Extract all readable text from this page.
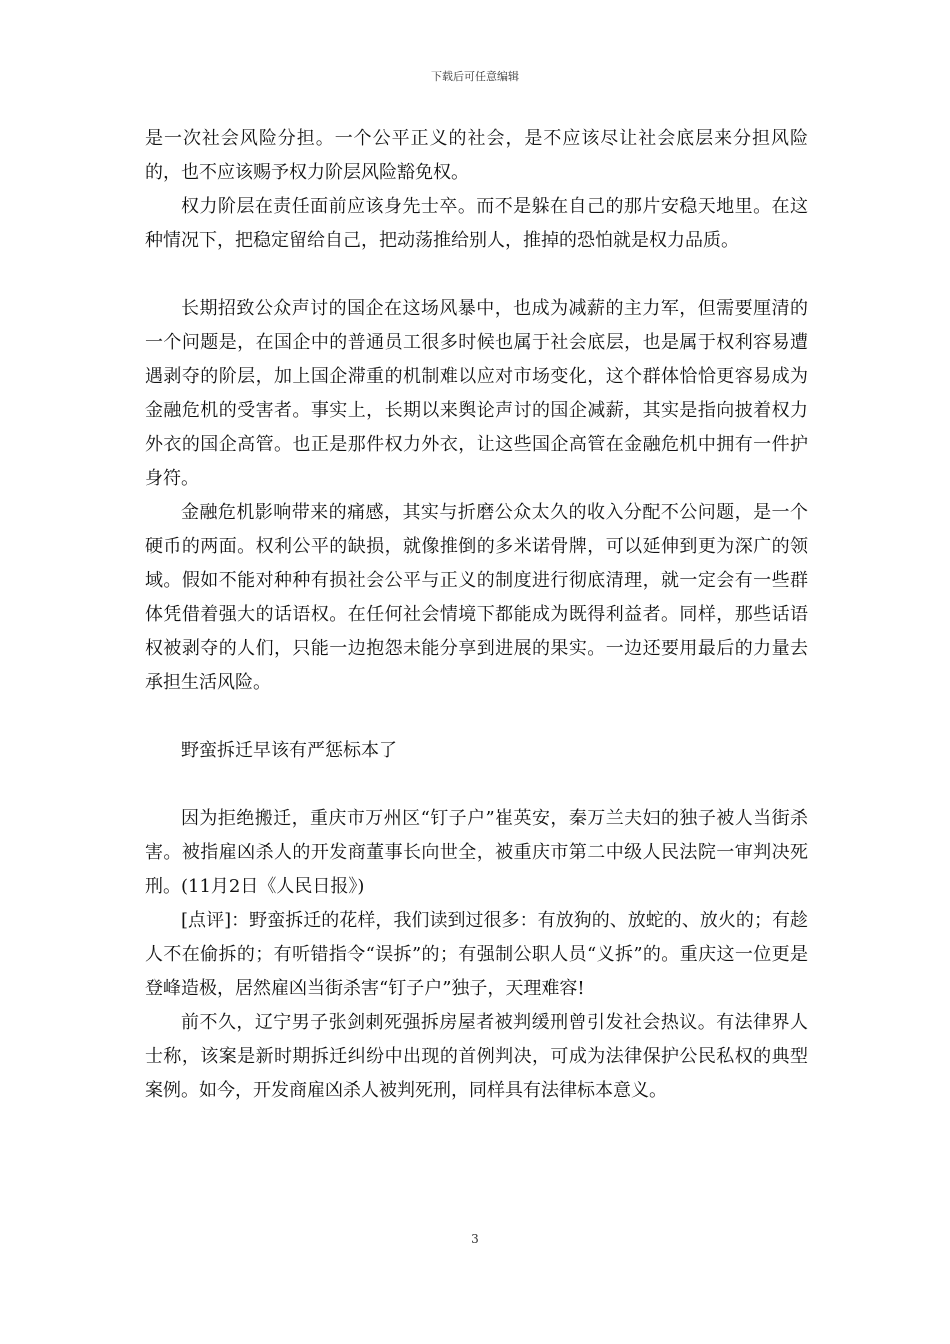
下载后可任意编辑

是一次社会风险分担。一个公平正义的社会，是不应该尽让社会底层来分担风险的，也不应该赐予权力阶层风险豁免权。

权力阶层在责任面前应该身先士卒。而不是躲在自己的那片安稳天地里。在这种情况下，把稳定留给自己，把动荡推给别人，推掉的恐怕就是权力品质。

长期招致公众声讨的国企在这场风暴中，也成为减薪的主力军，但需要厘清的一个问题是，在国企中的普通员工很多时候也属于社会底层，也是属于权利容易遭遇剥夺的阶层，加上国企滞重的机制难以应对市场变化，这个群体恰恰更容易成为金融危机的受害者。事实上，长期以来舆论声讨的国企减薪，其实是指向披着权力外衣的国企高管。也正是那件权力外衣，让这些国企高管在金融危机中拥有一件护身符。

金融危机影响带来的痛感，其实与折磨公众太久的收入分配不公问题，是一个硬币的两面。权利公平的缺损，就像推倒的多米诺骨牌，可以延伸到更为深广的领域。假如不能对种种有损社会公平与正义的制度进行彻底清理，就一定会有一些群体凭借着强大的话语权。在任何社会情境下都能成为既得利益者。同样，那些话语权被剥夺的人们，只能一边抱怨未能分享到进展的果实。一边还要用最后的力量去承担生活风险。

野蛮拆迁早该有严惩标本了

因为拒绝搬迁，重庆市万州区“钉子户”崔英安，秦万兰夫妇的独子被人当街杀害。被指雇凶杀人的开发商董事长向世全，被重庆市第二中级人民法院一审判决死刑。(11月2日《人民日报》)

[点评]：野蛮拆迁的花样，我们读到过很多：有放狗的、放蛇的、放火的；有趁人不在偷拆的；有听错指令“误拆”的；有强制公职人员“义拆”的。重庆这一位更是登峰造极，居然雇凶当街杀害“钉子户”独子，天理难容!

前不久，辽宁男子张剑刺死强拆房屋者被判缓刑曾引发社会热议。有法律界人士称，该案是新时期拆迁纠纷中出现的首例判决，可成为法律保护公民私权的典型案例。如今，开发商雇凶杀人被判死刑，同样具有法律标本意义。

3
